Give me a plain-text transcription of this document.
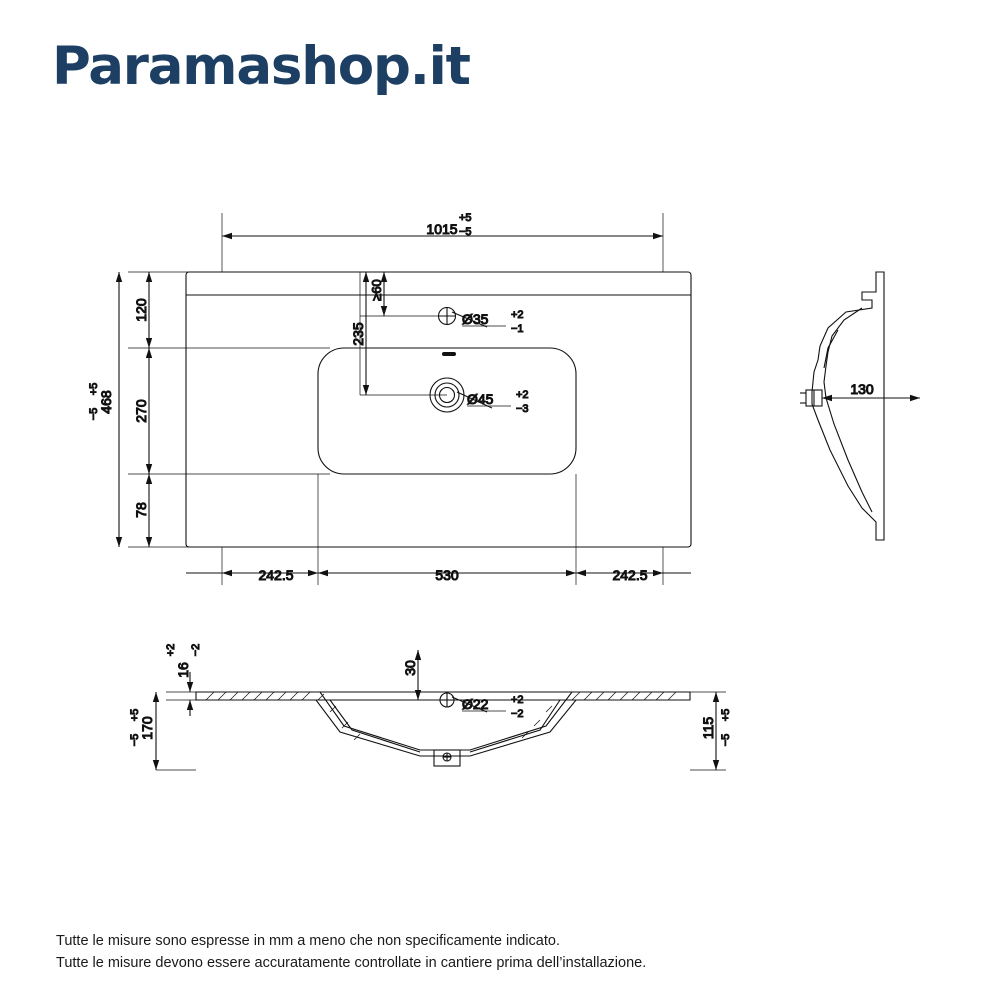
Paramashop.it
1015
+5
−5
120
270
78
468
+5
−5
235
≥60
Ø35 +2
−1
Ø45 +2
−3
242.5	530	242.5
130
16
+2 −2
170
+5
−5
30
Ø22 +2
−2
115
+5
−5
Tutte le misure sono espresse in mm a meno che non specificamente indicato.
Tutte le misure devono essere accuratamente controllate in cantiere prima dell’installazione.
